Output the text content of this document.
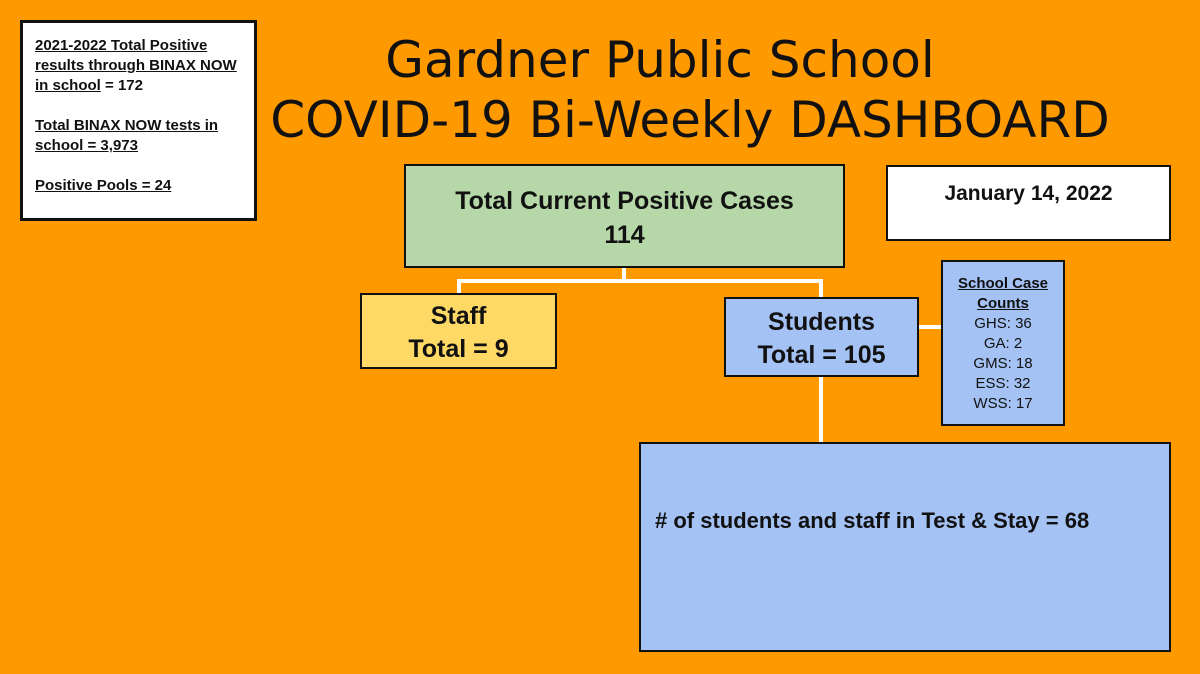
Gardner Public School
COVID-19 Bi-Weekly DASHBOARD

2021-2022 Total Positive results through BINAX NOW in school = 172

Total BINAX NOW tests in school = 3,973

Positive Pools = 24

Total Current Positive Cases
114
January 14, 2022
Staff
Total = 9
Students
Total = 105
School Case Counts
GHS: 36
GA: 2
GMS: 18
ESS: 32
WSS: 17
# of students and staff in Test & Stay = 68
